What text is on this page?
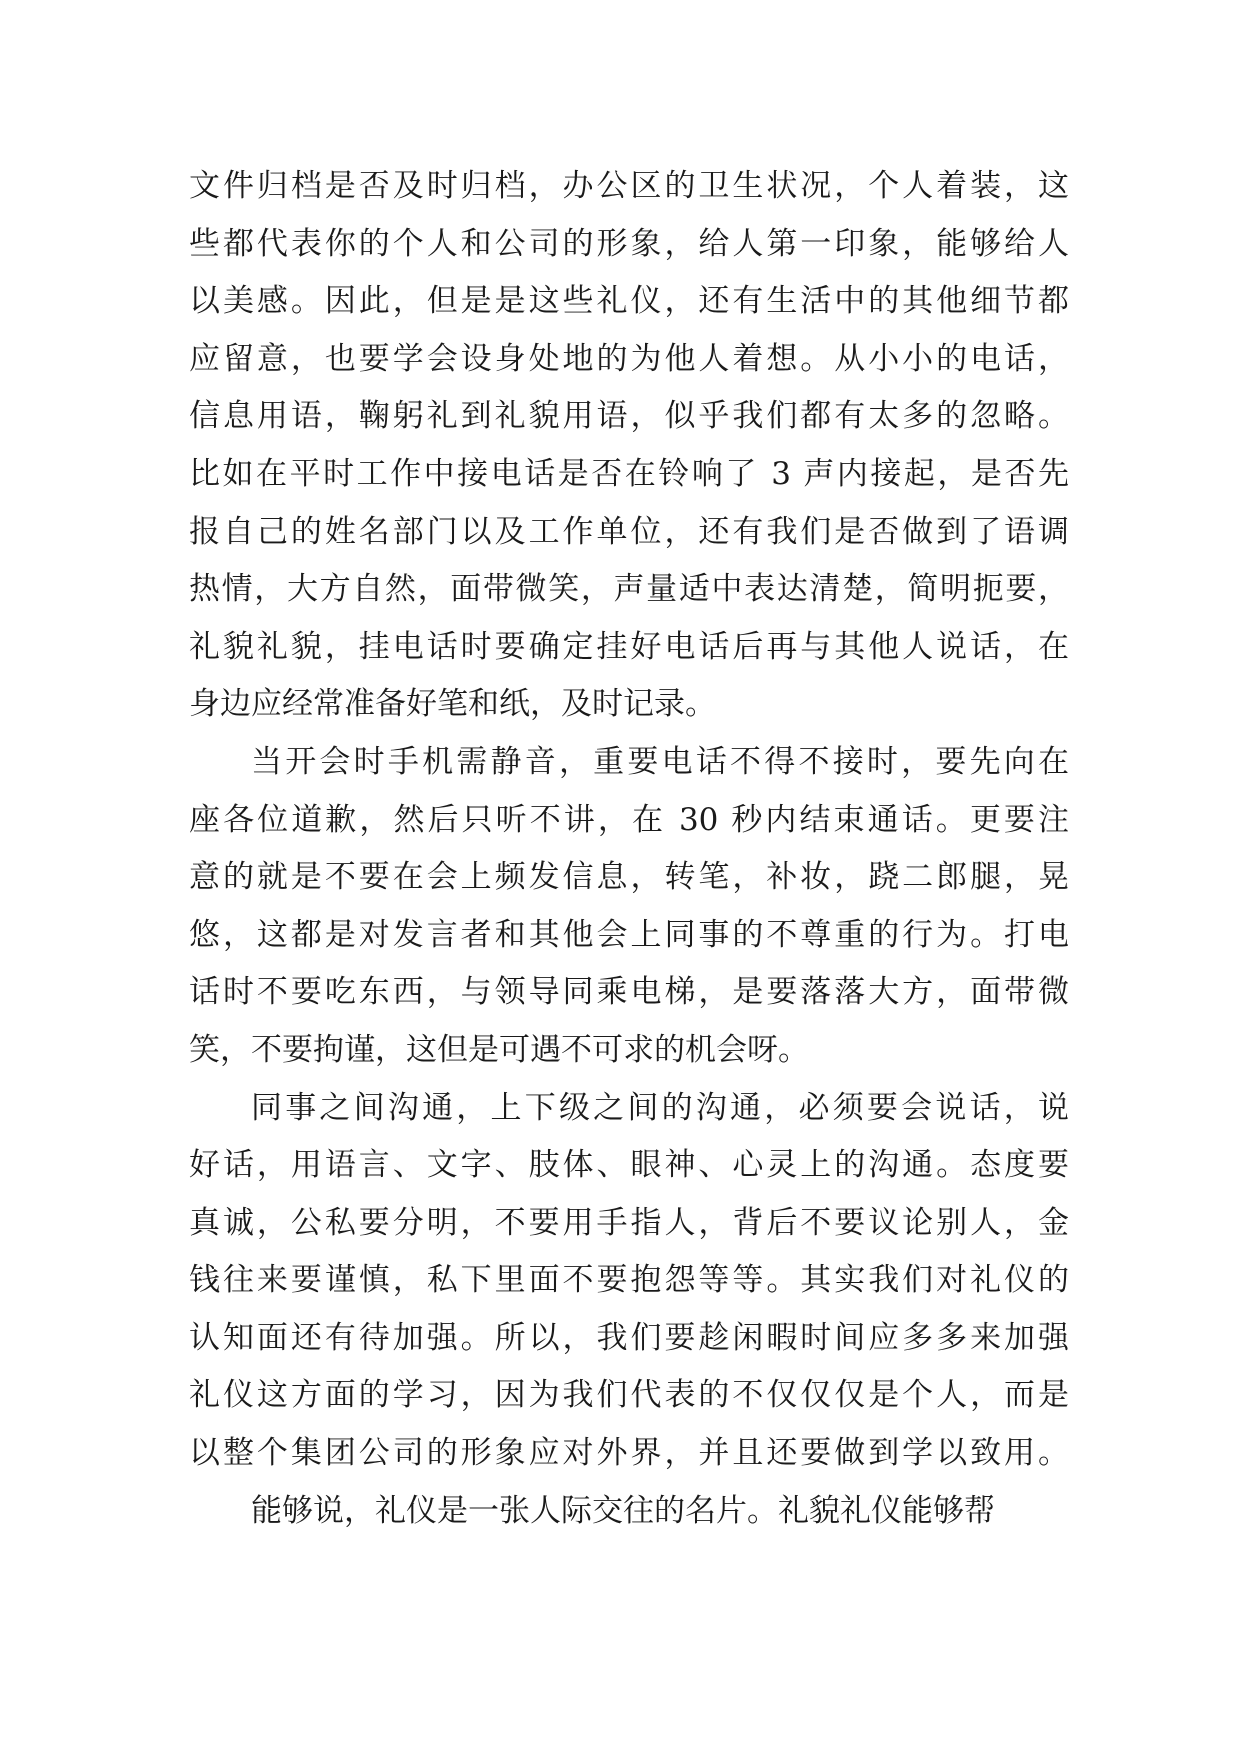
文件归档是否及时归档，办公区的卫生状况，个人着装，这
些都代表你的个人和公司的形象，给人第一印象，能够给人
以美感。因此，但是是这些礼仪，还有生活中的其他细节都
应留意，也要学会设身处地的为他人着想。从小小的电话，
信息用语，鞠躬礼到礼貌用语，似乎我们都有太多的忽略。
比如在平时工作中接电话是否在铃响了 3 声内接起，是否先
报自己的姓名部门以及工作单位，还有我们是否做到了语调
热情，大方自然，面带微笑，声量适中表达清楚，简明扼要，
礼貌礼貌，挂电话时要确定挂好电话后再与其他人说话，在
身边应经常准备好笔和纸，及时记录。
当开会时手机需静音，重要电话不得不接时，要先向在
座各位道歉，然后只听不讲，在 30 秒内结束通话。更要注
意的就是不要在会上频发信息，转笔，补妆，跷二郎腿，晃
悠，这都是对发言者和其他会上同事的不尊重的行为。打电
话时不要吃东西，与领导同乘电梯，是要落落大方，面带微
笑，不要拘谨，这但是可遇不可求的机会呀。
同事之间沟通，上下级之间的沟通，必须要会说话，说
好话，用语言、文字、肢体、眼神、心灵上的沟通。态度要
真诚，公私要分明，不要用手指人，背后不要议论别人，金
钱往来要谨慎，私下里面不要抱怨等等。其实我们对礼仪的
认知面还有待加强。所以，我们要趁闲暇时间应多多来加强
礼仪这方面的学习，因为我们代表的不仅仅仅是个人，而是
以整个集团公司的形象应对外界，并且还要做到学以致用。
能够说，礼仪是一张人际交往的名片。礼貌礼仪能够帮
